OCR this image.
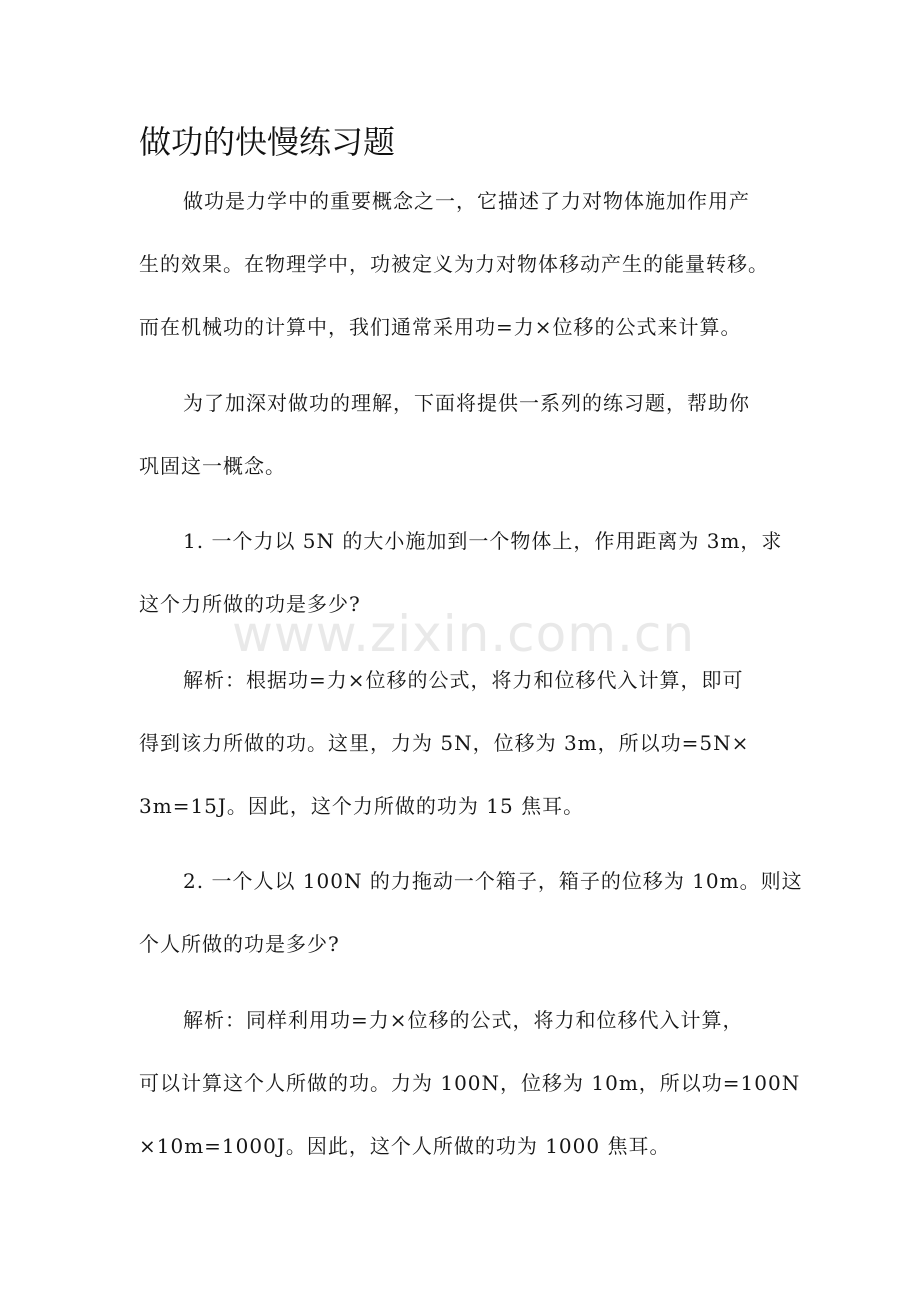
做功的快慢练习题

做功是力学中的重要概念之一，它描述了力对物体施加作用产

生的效果。在物理学中，功被定义为力对物体移动产生的能量转移。

而在机械功的计算中，我们通常采用功=力×位移的公式来计算。

为了加深对做功的理解，下面将提供一系列的练习题，帮助你

巩固这一概念。

1. 一个力以 5N 的大小施加到一个物体上，作用距离为 3m，求

这个力所做的功是多少?

解析：根据功=力×位移的公式，将力和位移代入计算，即可

得到该力所做的功。这里，力为 5N，位移为 3m，所以功=5N×

3m=15J。因此，这个力所做的功为 15 焦耳。

2. 一个人以 100N 的力拖动一个箱子，箱子的位移为 10m。则这

个人所做的功是多少?

解析：同样利用功=力×位移的公式，将力和位移代入计算，

可以计算这个人所做的功。力为 100N，位移为 10m，所以功=100N

×10m=1000J。因此，这个人所做的功为 1000 焦耳。

www.zixin.com.cn
